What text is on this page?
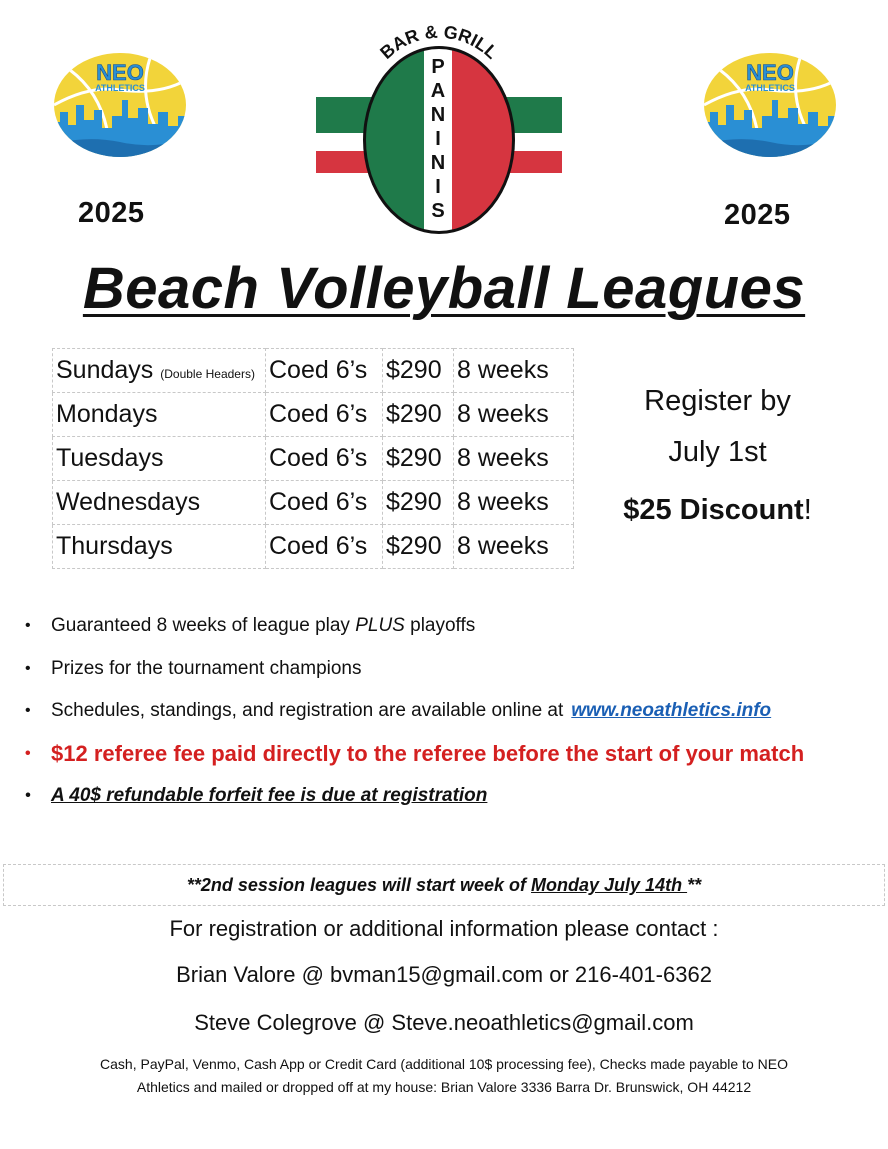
NEO
ATHLETICS
NEO
ATHLETICS
2025	2025
BAR & GRILL
P
A
N
I
N
I
S
Beach Volleyball Leagues
Sundays (Double Headers)	Coed 6’s	$290	8 weeks
Mondays	Coed 6’s	$290	8 weeks
Tuesdays	Coed 6’s	$290	8 weeks
Wednesdays	Coed 6’s	$290	8 weeks
Thursdays	Coed 6’s	$290	8 weeks
Register by
July 1st
$25 Discount!
• Guaranteed 8 weeks of league play PLUS playoffs
• Prizes for the tournament champions
• Schedules, standings, and registration are available online at www.neoathletics.info
• $12 referee fee paid directly to the referee before the start of your match
• A 40$ refundable forfeit fee is due at registration
**2nd session leagues will start week of Monday July 14th **
For registration or additional information please contact :
Brian Valore @ bvman15@gmail.com or 216-401-6362
Steve Colegrove @ Steve.neoathletics@gmail.com
Cash, PayPal, Venmo, Cash App or Credit Card (additional 10$ processing fee), Checks made payable to NEO
Athletics and mailed or dropped off at my house: Brian Valore 3336 Barra Dr. Brunswick, OH 44212
